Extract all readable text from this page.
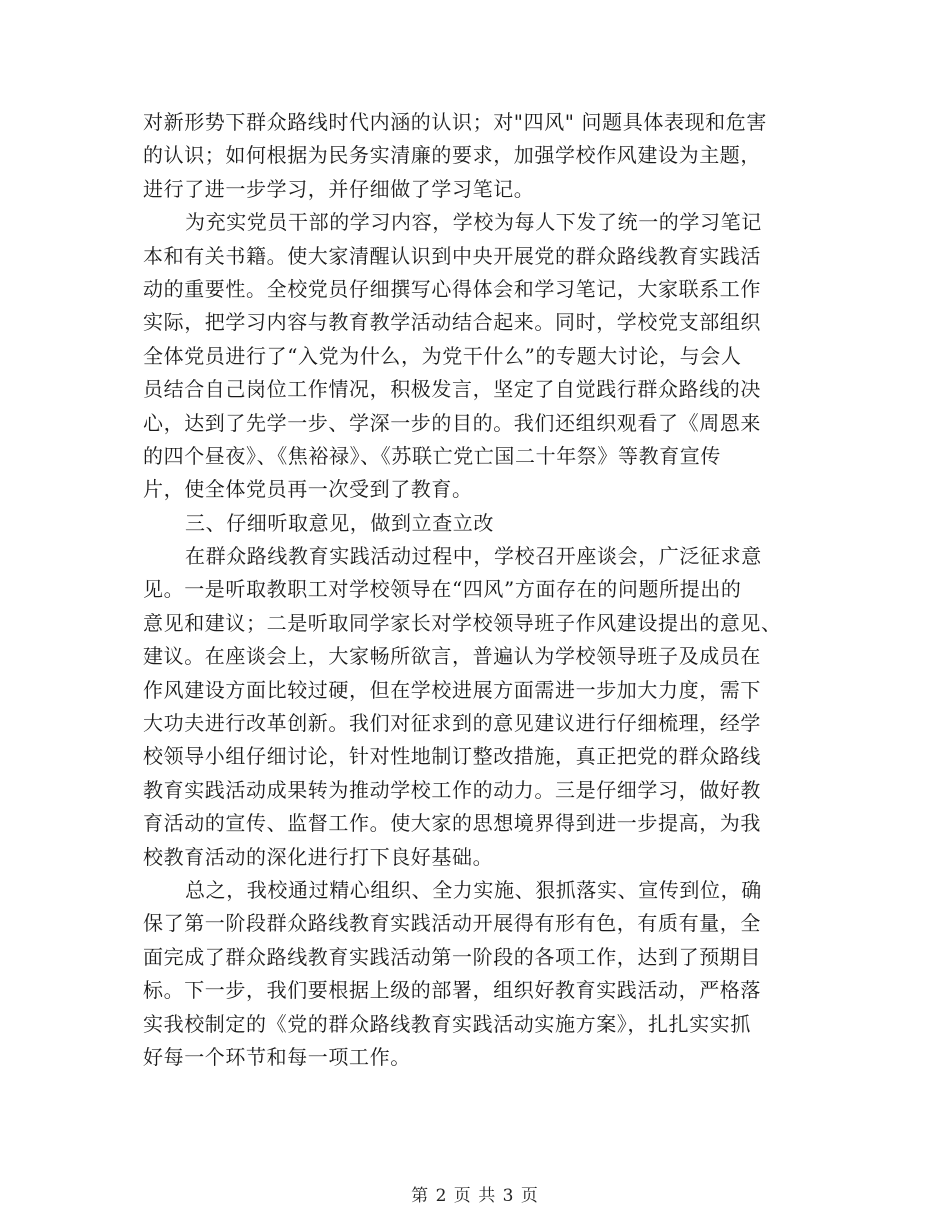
对新形势下群众路线时代内涵的认识；对"四风" 问题具体表现和危害
的认识；如何根据为民务实清廉的要求，加强学校作风建设为主题，
进行了进一步学习，并仔细做了学习笔记。
为充实党员干部的学习内容，学校为每人下发了统一的学习笔记
本和有关书籍。使大家清醒认识到中央开展党的群众路线教育实践活
动的重要性。全校党员仔细撰写心得体会和学习笔记，大家联系工作
实际，把学习内容与教育教学活动结合起来。同时，学校党支部组织
全体党员进行了“入党为什么，为党干什么”的专题大讨论，与会人
员结合自己岗位工作情况，积极发言，坚定了自觉践行群众路线的决
心，达到了先学一步、学深一步的目的。我们还组织观看了《周恩来
的四个昼夜》、《焦裕禄》、《苏联亡党亡国二十年祭》等教育宣传
片，使全体党员再一次受到了教育。
三、仔细听取意见，做到立查立改
在群众路线教育实践活动过程中，学校召开座谈会，广泛征求意
见。一是听取教职工对学校领导在“四风”方面存在的问题所提出的
意见和建议；二是听取同学家长对学校领导班子作风建设提出的意见、
建议。在座谈会上，大家畅所欲言，普遍认为学校领导班子及成员在
作风建设方面比较过硬，但在学校进展方面需进一步加大力度，需下
大功夫进行改革创新。我们对征求到的意见建议进行仔细梳理，经学
校领导小组仔细讨论，针对性地制订整改措施，真正把党的群众路线
教育实践活动成果转为推动学校工作的动力。三是仔细学习，做好教
育活动的宣传、监督工作。使大家的思想境界得到进一步提高，为我
校教育活动的深化进行打下良好基础。
总之，我校通过精心组织、全力实施、狠抓落实、宣传到位，确
保了第一阶段群众路线教育实践活动开展得有形有色，有质有量，全
面完成了群众路线教育实践活动第一阶段的各项工作，达到了预期目
标。下一步，我们要根据上级的部署，组织好教育实践活动，严格落
实我校制定的《党的群众路线教育实践活动实施方案》，扎扎实实抓
好每一个环节和每一项工作。
第 2 页 共 3 页
